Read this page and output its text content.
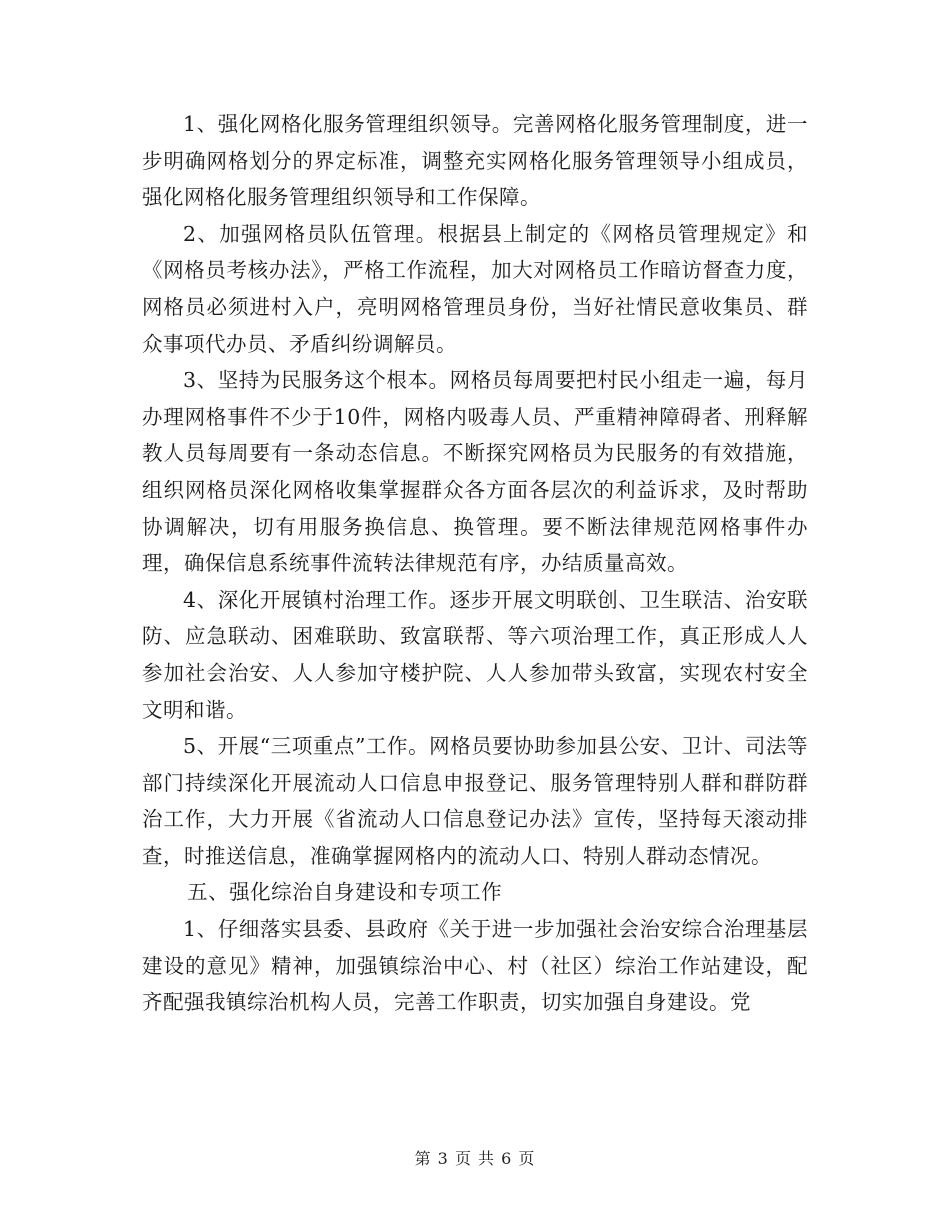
1、强化网格化服务管理组织领导。完善网格化服务管理制度，进一步明确网格划分的界定标准，调整充实网格化服务管理领导小组成员，强化网格化服务管理组织领导和工作保障。

2、加强网格员队伍管理。根据县上制定的《网格员管理规定》和《网格员考核办法》，严格工作流程，加大对网格员工作暗访督查力度，网格员必须进村入户，亮明网格管理员身份，当好社情民意收集员、群众事项代办员、矛盾纠纷调解员。

3、坚持为民服务这个根本。网格员每周要把村民小组走一遍，每月办理网格事件不少于10件，网格内吸毒人员、严重精神障碍者、刑释解教人员每周要有一条动态信息。不断探究网格员为民服务的有效措施，组织网格员深化网格收集掌握群众各方面各层次的利益诉求，及时帮助协调解决，切有用服务换信息、换管理。要不断法律规范网格事件办理，确保信息系统事件流转法律规范有序，办结质量高效。

4、深化开展镇村治理工作。逐步开展文明联创、卫生联洁、治安联防、应急联动、困难联助、致富联帮、等六项治理工作，真正形成人人参加社会治安、人人参加守楼护院、人人参加带头致富，实现农村安全文明和谐。

5、开展“三项重点”工作。网格员要协助参加县公安、卫计、司法等部门持续深化开展流动人口信息申报登记、服务管理特别人群和群防群治工作，大力开展《省流动人口信息登记办法》宣传，坚持每天滚动排查，时推送信息，准确掌握网格内的流动人口、特别人群动态情况。

五、强化综治自身建设和专项工作

1、仔细落实县委、县政府《关于进一步加强社会治安综合治理基层建设的意见》精神，加强镇综治中心、村（社区）综治工作站建设，配齐配强我镇综治机构人员，完善工作职责，切实加强自身建设。党

第 3 页 共 6 页
